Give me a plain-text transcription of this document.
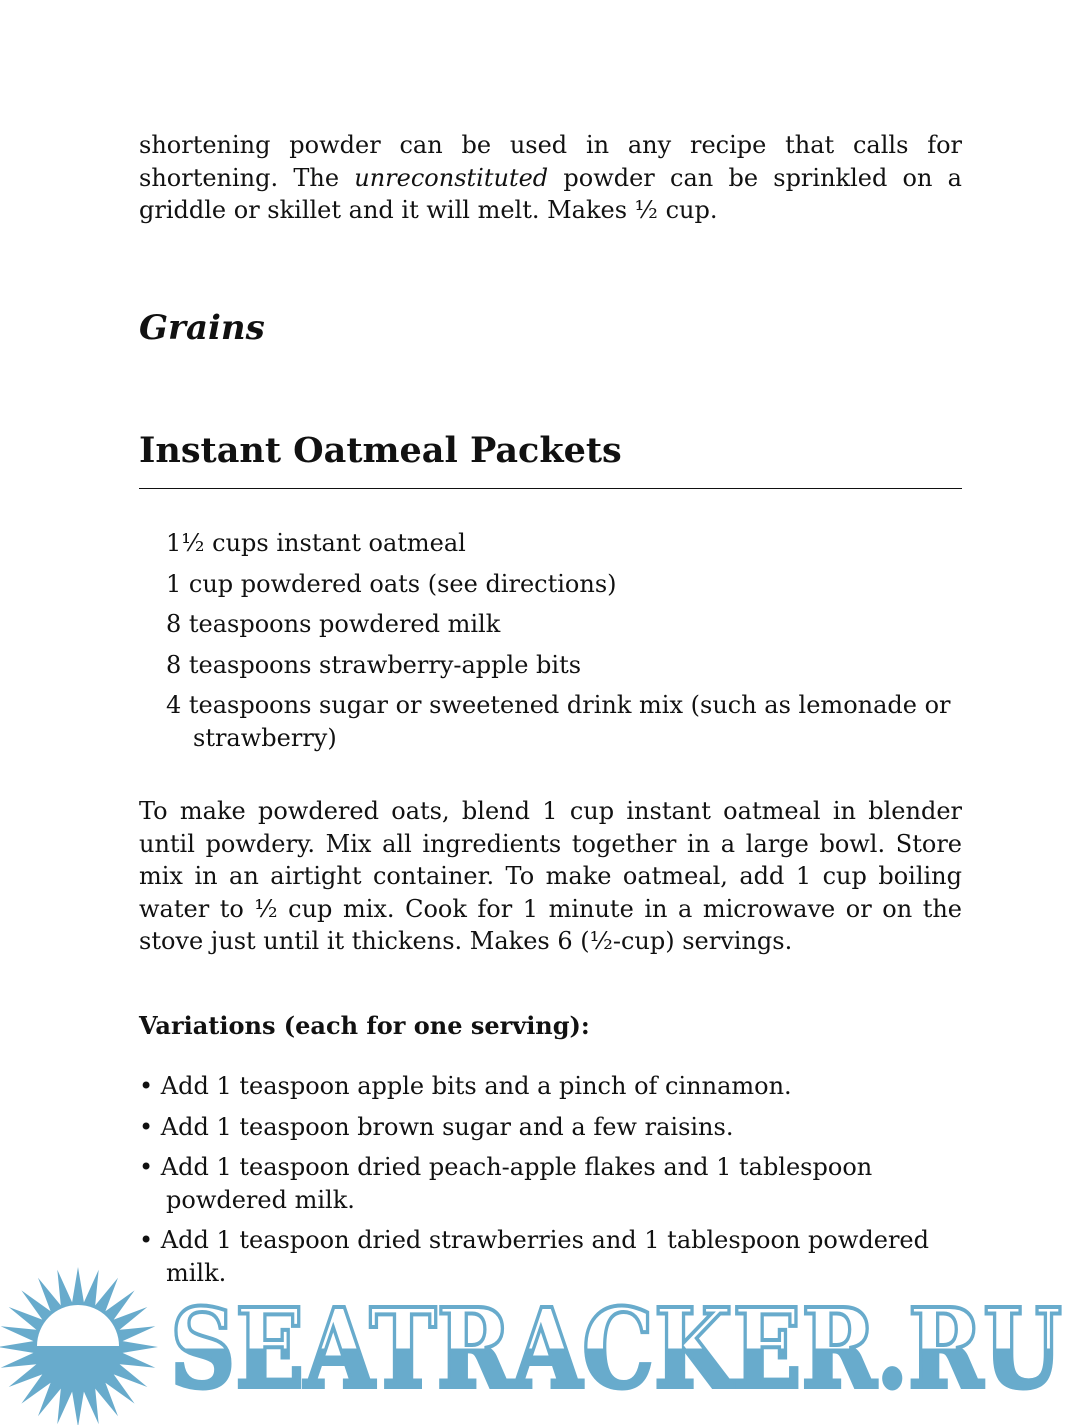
shortening powder can be used in any recipe that calls for shortening. The unreconstituted powder can be sprinkled on a griddle or skillet and it will melt. Makes ½ cup.

Grains
Instant Oatmeal Packets
1½ cups instant oatmeal
1 cup powdered oats (see directions)
8 teaspoons powdered milk
8 teaspoons strawberry-apple bits
4 teaspoons sugar or sweetened drink mix (such as lemonade or strawberry)

To make powdered oats, blend 1 cup instant oatmeal in blender until powdery. Mix all ingredients together in a large bowl. Store mix in an airtight container. To make oatmeal, add 1 cup boiling water to ½ cup mix. Cook for 1 minute in a microwave or on the stove just until it thickens. Makes 6 (½-cup) servings.

Variations (each for one serving):
• Add 1 teaspoon apple bits and a pinch of cinnamon.
• Add 1 teaspoon brown sugar and a few raisins.
• Add 1 teaspoon dried peach-apple flakes and 1 tablespoon powdered milk.
• Add 1 teaspoon dried strawberries and 1 tablespoon powdered milk.
SEATRACKER.RU
